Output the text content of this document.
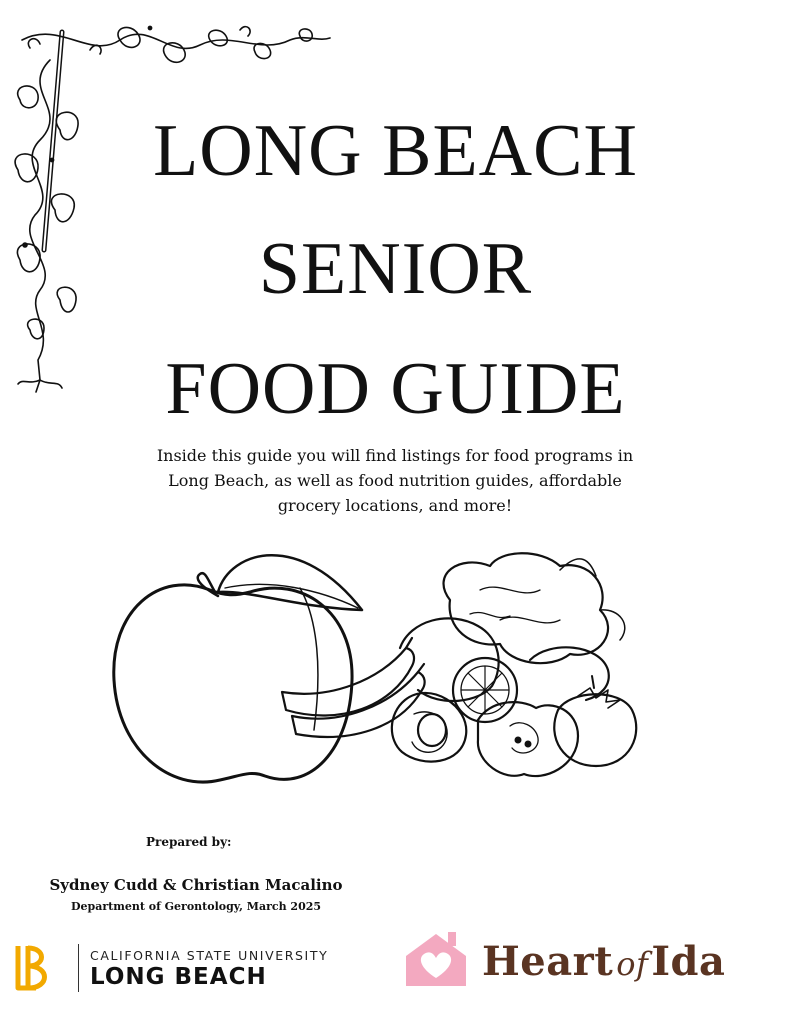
LONG BEACH
SENIOR
FOOD GUIDE

Inside this guide you will find listings for food programs in Long Beach, as well as food nutrition guides, affordable grocery locations, and more!

Prepared by:
Sydney Cudd & Christian Macalino
Department of Gerontology, March 2025
CALIFORNIA STATE UNIVERSITY
LONG BEACH	HeartofIda
